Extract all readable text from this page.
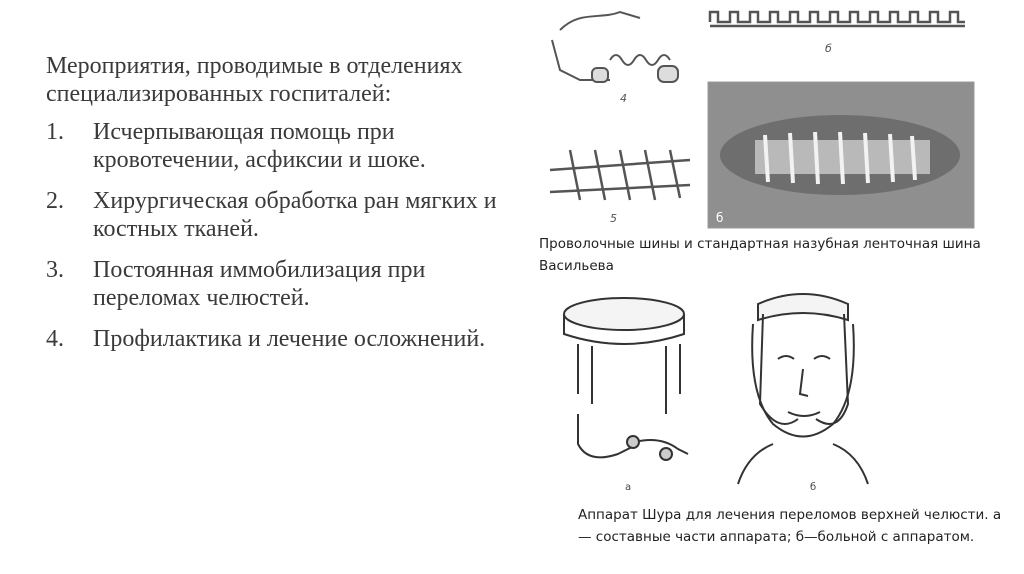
Мероприятия, проводимые в отделениях специализированных госпиталей:

1.	Исчерпывающая помощь при кровотечении, асфиксии и шоке.
2.	Хирургическая обработка ран мягких и костных тканей.
3.	Постоянная иммобилизация при переломах челюстей.
4.	Профилактика и лечение осложнений.
4
б
5	б
Проволочные шины и стандартная назубная ленточная шина Васильева
а	б
Аппарат Шура для лечения переломов верхней челюсти. а — составные части аппарата; б—больной с аппаратом.
